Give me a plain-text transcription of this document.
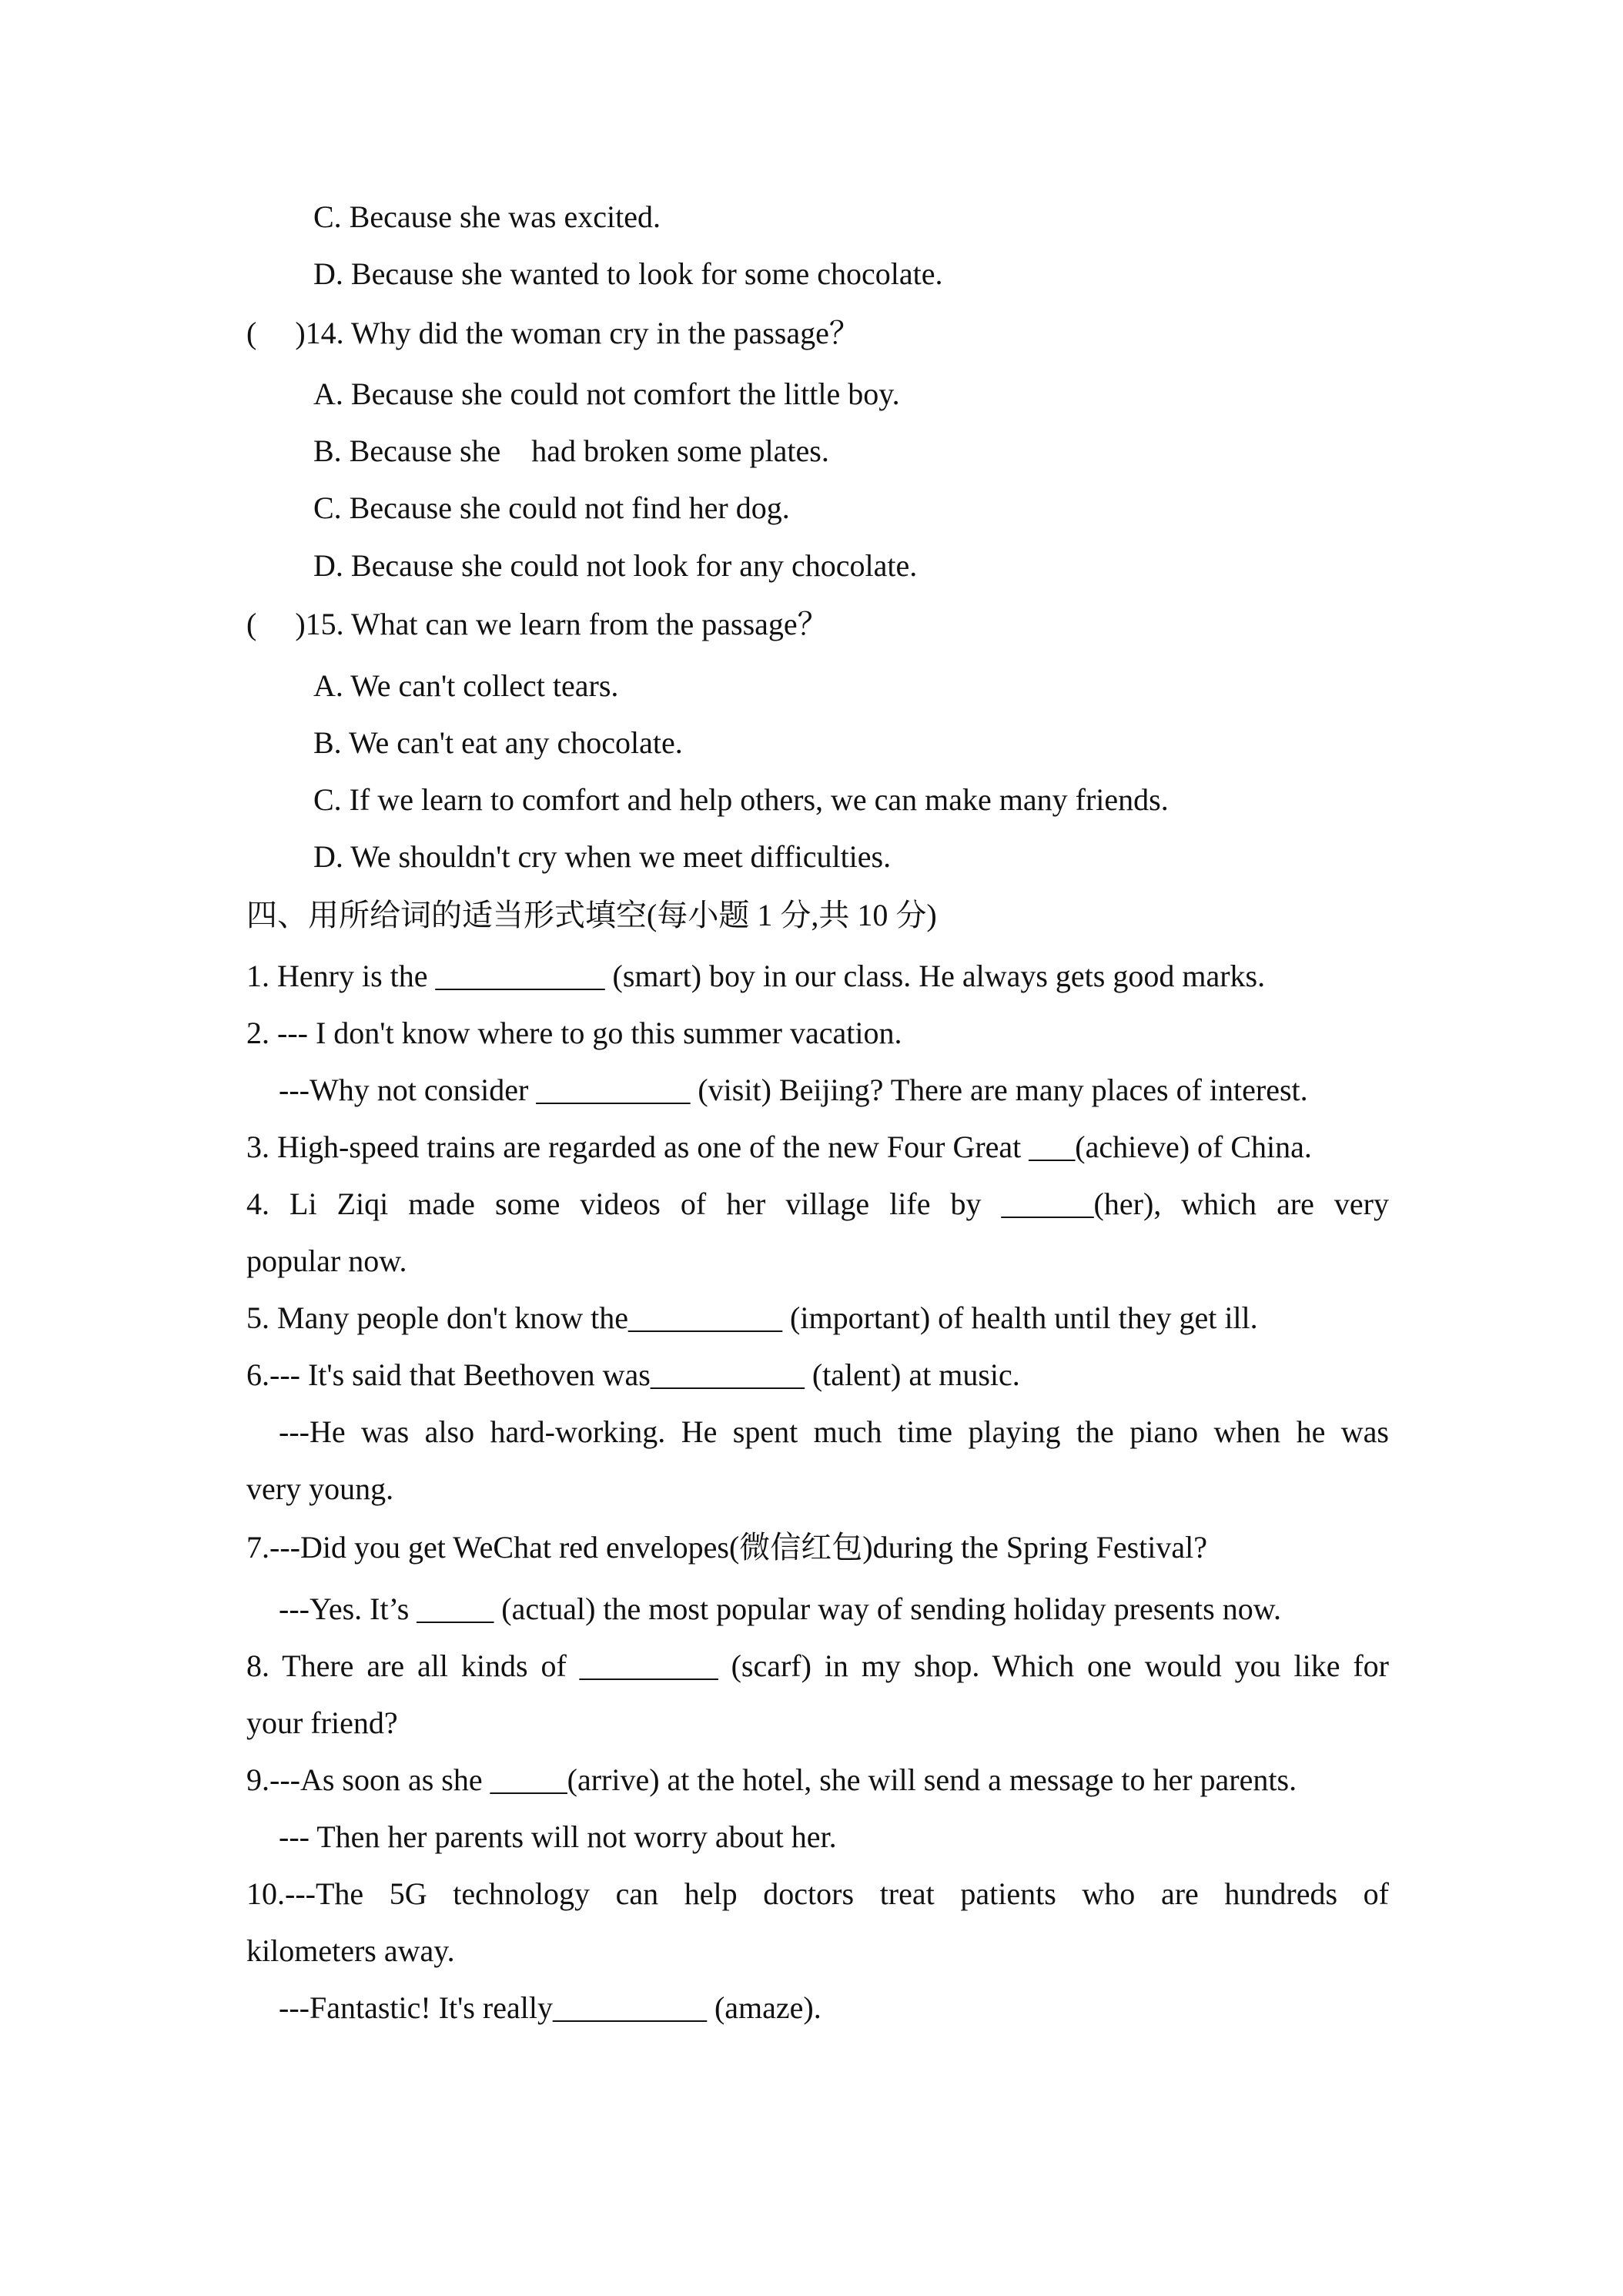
C. Because she was excited.
D. Because she wanted to look for some chocolate.
(     )14. Why did the woman cry in the passage？
A. Because she could not comfort the little boy.
B. Because she    had broken some plates.
C. Because she could not find her dog.
D. Because she could not look for any chocolate.
(     )15. What can we learn from the passage？
A. We can't collect tears.
B. We can't eat any chocolate.
C. If we learn to comfort and help others, we can make many friends.
D. We shouldn't cry when we meet difficulties.
四、用所给词的适当形式填空(每小题 1 分,共 10 分)
1. Henry is the ___________ (smart) boy in our class. He always gets good marks.
2. --- I don't know where to go this summer vacation.
---Why not consider __________ (visit) Beijing? There are many places of interest.
3. High-speed trains are regarded as one of the new Four Great ___(achieve) of China.
4. Li Ziqi made some videos of her village life by ______(her), which are very
popular now.
5. Many people don't know the__________ (important) of health until they get ill.
6.--- It's said that Beethoven was__________ (talent) at music.
---He was also hard-working. He spent much time playing the piano when he was
very young.
7.---Did you get WeChat red envelopes(微信红包)during the Spring Festival?
---Yes. It’s _____ (actual) the most popular way of sending holiday presents now.
8. There are all kinds of _________ (scarf) in my shop. Which one would you like for
your friend?
9.---As soon as she _____(arrive) at the hotel, she will send a message to her parents.
--- Then her parents will not worry about her.
10.---The 5G technology can help doctors treat patients who are hundreds of
kilometers away.
---Fantastic! It's really__________ (amaze).
